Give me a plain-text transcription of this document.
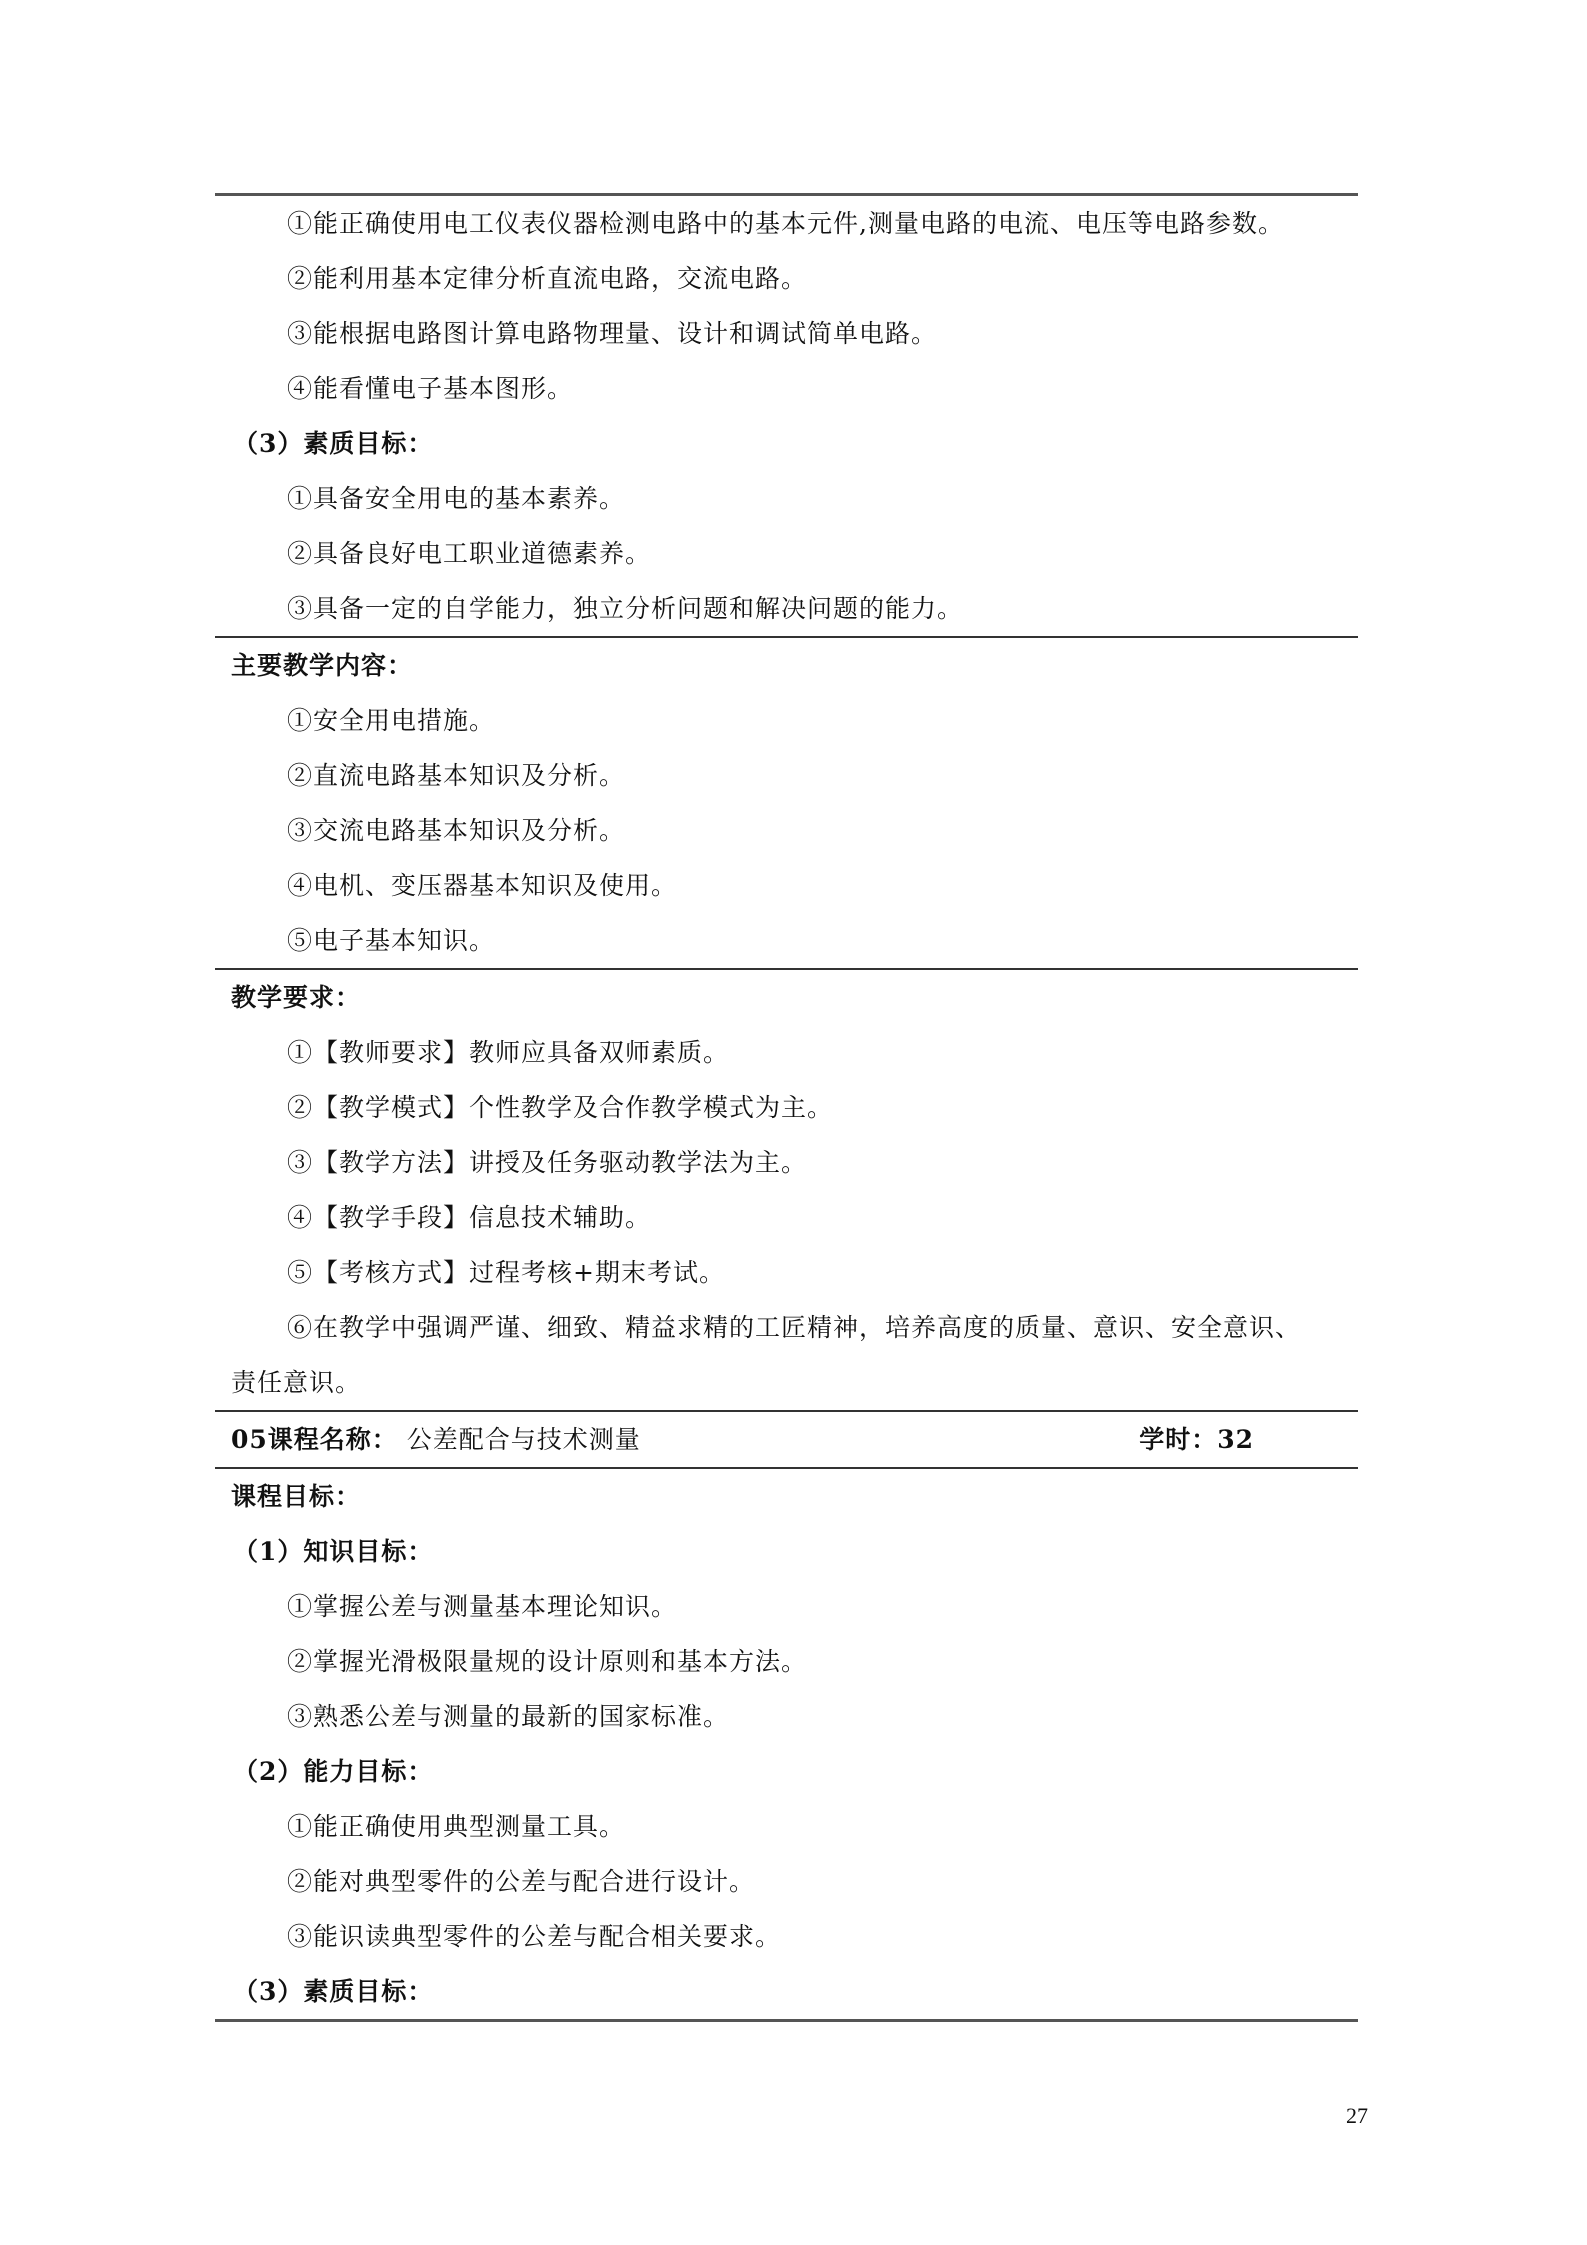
①能正确使用电工仪表仪器检测电路中的基本元件,测量电路的电流、电压等电路参数。
②能利用基本定律分析直流电路，交流电路。
③能根据电路图计算电路物理量、设计和调试简单电路。
④能看懂电子基本图形。
（3）素质目标：
①具备安全用电的基本素养。
②具备良好电工职业道德素养。
③具备一定的自学能力，独立分析问题和解决问题的能力。
主要教学内容：
①安全用电措施。
②直流电路基本知识及分析。
③交流电路基本知识及分析。
④电机、变压器基本知识及使用。
⑤电子基本知识。
教学要求：
①【教师要求】教师应具备双师素质。
②【教学模式】个性教学及合作教学模式为主。
③【教学方法】讲授及任务驱动教学法为主。
④【教学手段】信息技术辅助。
⑤【考核方式】过程考核+期末考试。
⑥在教学中强调严谨、细致、精益求精的工匠精神，培养高度的质量、意识、安全意识、
责任意识。
05课程名称： 公差配合与技术测量	学时：32
课程目标：
（1）知识目标：
①掌握公差与测量基本理论知识。
②掌握光滑极限量规的设计原则和基本方法。
③熟悉公差与测量的最新的国家标准。
（2）能力目标：
①能正确使用典型测量工具。
②能对典型零件的公差与配合进行设计。
③能识读典型零件的公差与配合相关要求。
（3）素质目标：
27
